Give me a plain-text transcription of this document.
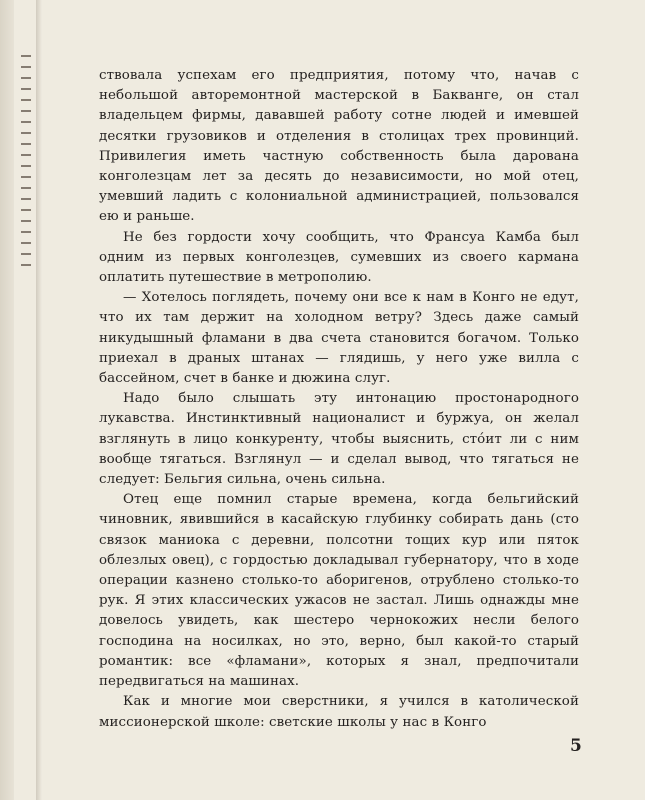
ствовала успехам его предприятия, потому что, начав с небольшой авторемонтной мастерской в Бакванге, он стал владельцем фирмы, дававшей работу сотне людей и имевшей десятки грузовиков и отделения в столицах трех провинций. Привилегия иметь частную собственность была дарована конголезцам лет за десять до независимости, но мой отец, умевший ладить с колониальной администрацией, пользовался ею и раньше.

Не без гордости хочу сообщить, что Франсуа Камба был одним из первых конголезцев, сумевших из своего кармана оплатить путешествие в метрополию.

— Хотелось поглядеть, почему они все к нам в Конго не едут, что их там держит на холодном ветру? Здесь даже самый никудышный фламани в два счета становится богачом. Только приехал в драных штанах — глядишь, у него уже вилла с бассейном, счет в банке и дюжина слуг.

Надо было слышать эту интонацию простонародного лукавства. Инстинктивный националист и буржуа, он желал взглянуть в лицо конкуренту, чтобы выяснить, стóит ли с ним вообще тягаться. Взглянул — и сделал вывод, что тягаться не следует: Бельгия сильна, очень сильна.

Отец еще помнил старые времена, когда бельгийский чиновник, явившийся в касайскую глубинку собирать дань (сто связок маниока с деревни, полсотни тощих кур или пяток облезлых овец), с гордостью докладывал губернатору, что в ходе операции казнено столько-то аборигенов, отрублено столько-то рук. Я этих классических ужасов не застал. Лишь однажды мне довелось увидеть, как шестеро чернокожих несли белого господина на носилках, но это, верно, был какой-то старый романтик: все «фламани», которых я знал, предпочитали передвигаться на машинах.

Как и многие мои сверстники, я учился в католической миссионерской школе: светские школы у нас в Конго

5
